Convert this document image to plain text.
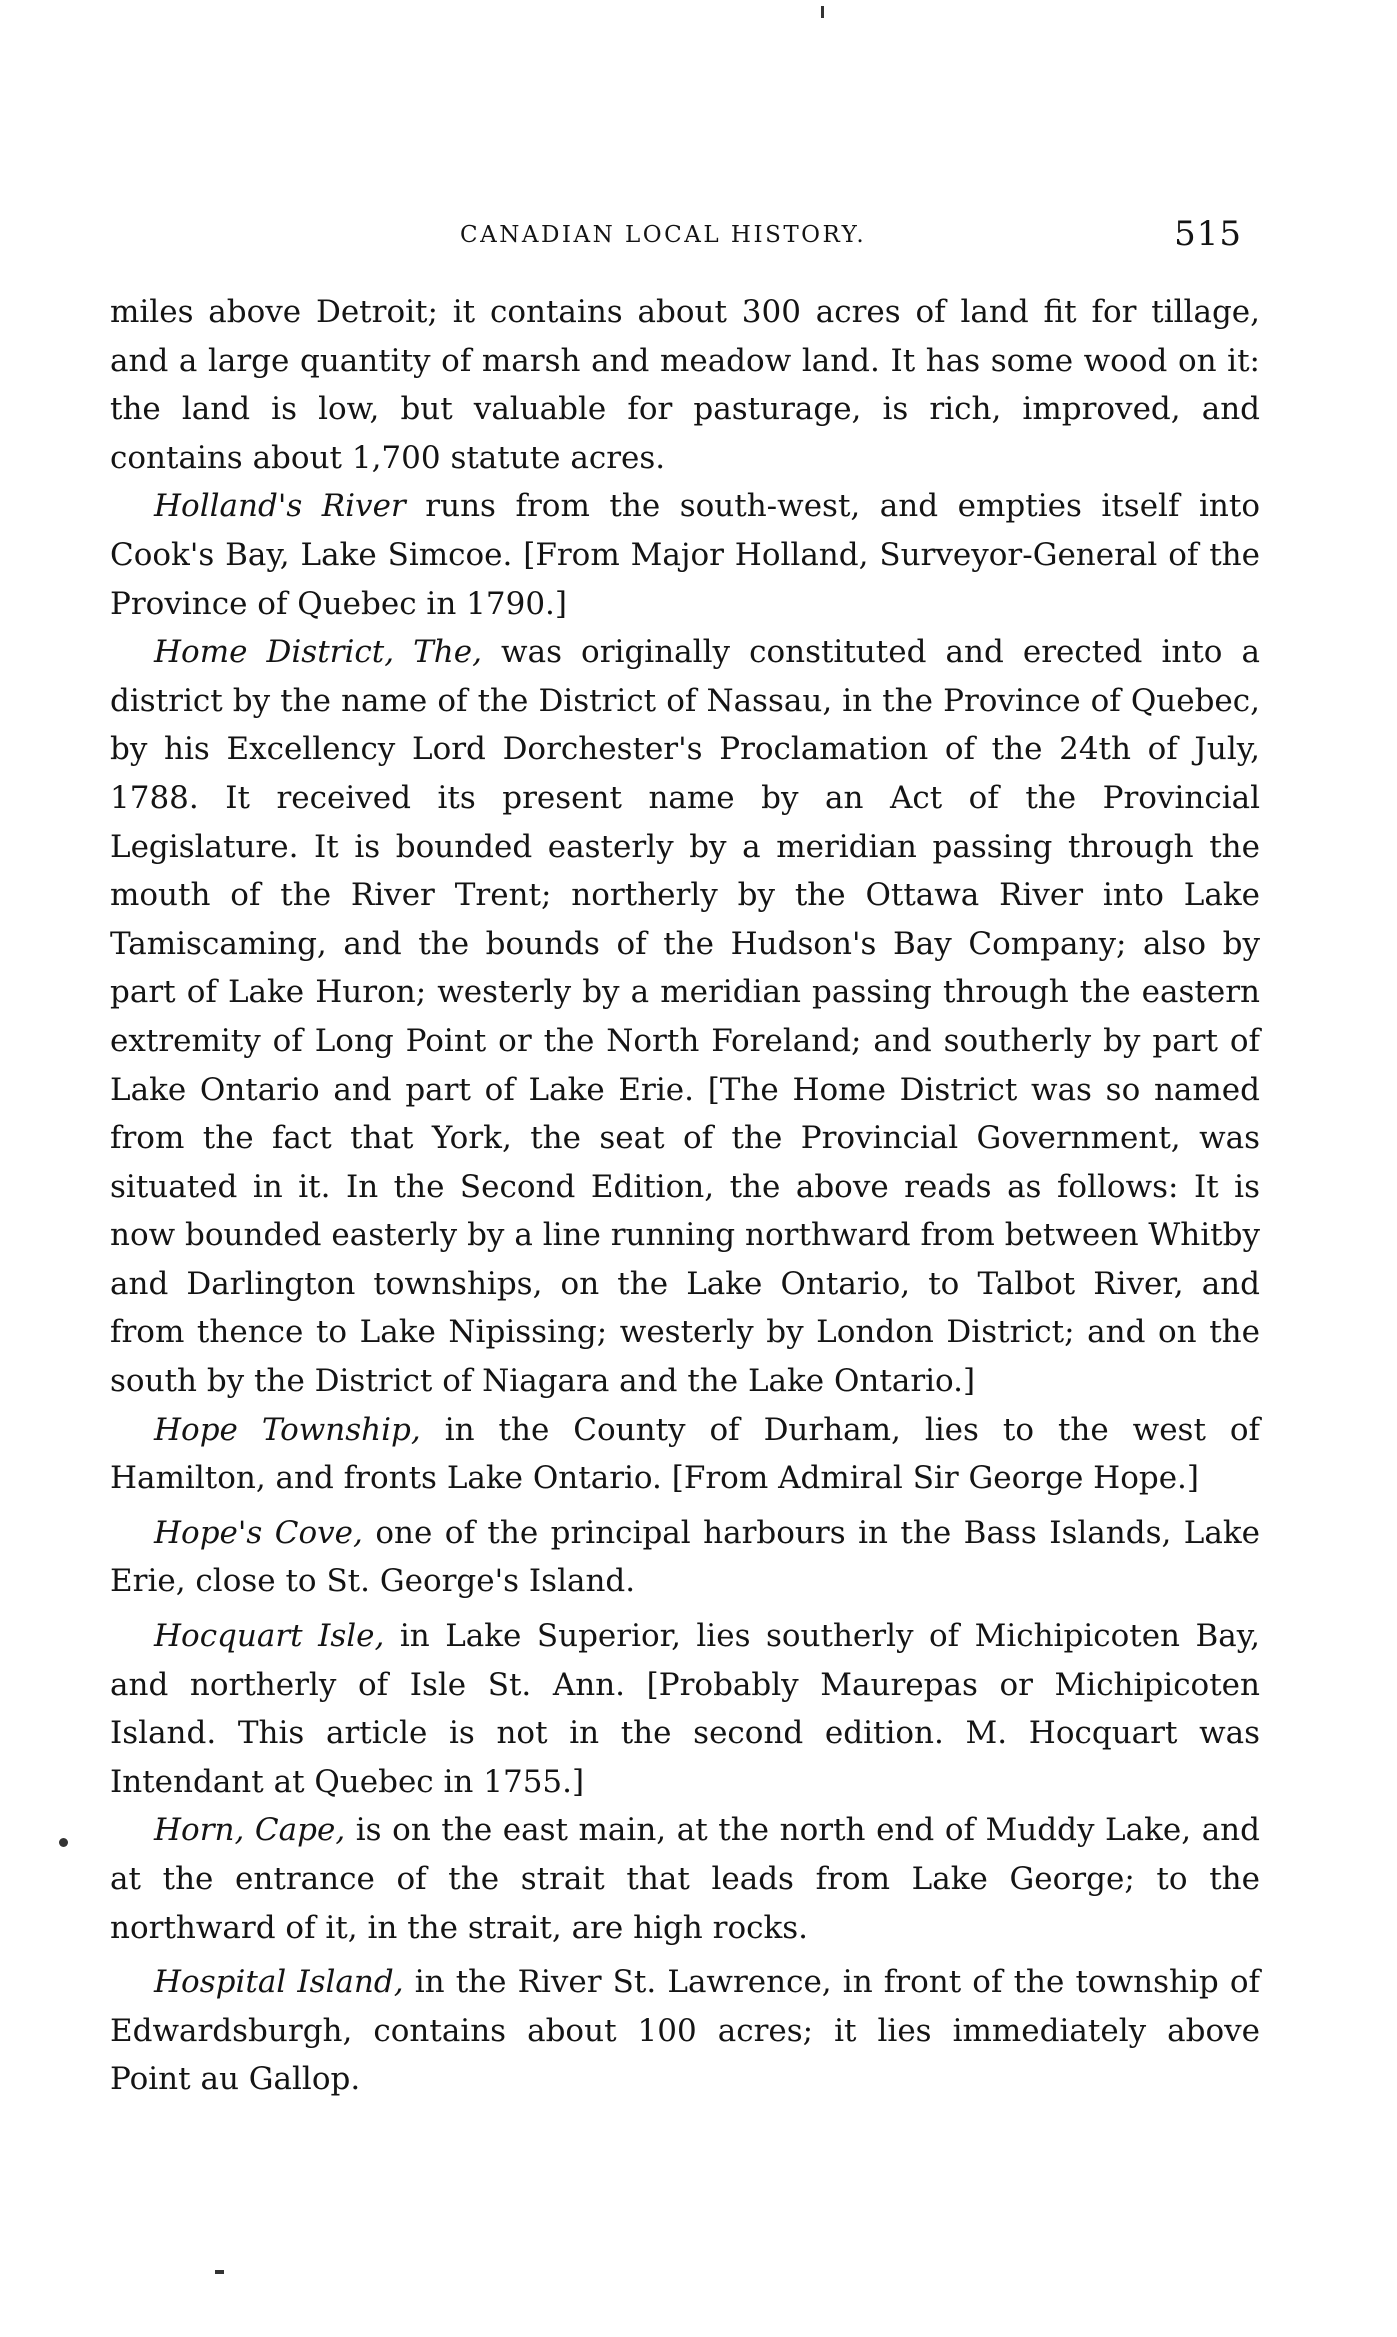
CANADIAN LOCAL HISTORY.	515

miles above Detroit; it contains about 300 acres of land fit for tillage, and a large quantity of marsh and meadow land. It has some wood on it: the land is low, but valuable for pasturage, is rich, improved, and contains about 1,700 statute acres.

Holland's River runs from the south-west, and empties itself into Cook's Bay, Lake Simcoe. [From Major Holland, Surveyor-General of the Province of Quebec in 1790.]

Home District, The, was originally constituted and erected into a district by the name of the District of Nassau, in the Province of Quebec, by his Excellency Lord Dorchester's Proclamation of the 24th of July, 1788. It received its present name by an Act of the Provincial Legislature. It is bounded easterly by a meridian passing through the mouth of the River Trent; northerly by the Ottawa River into Lake Tamiscaming, and the bounds of the Hudson's Bay Company; also by part of Lake Huron; westerly by a meridian passing through the eastern extremity of Long Point or the North Foreland; and southerly by part of Lake Ontario and part of Lake Erie. [The Home District was so named from the fact that York, the seat of the Provincial Government, was situated in it. In the Second Edition, the above reads as follows: It is now bounded easterly by a line running northward from between Whitby and Darlington townships, on the Lake Ontario, to Talbot River, and from thence to Lake Nipissing; westerly by London District; and on the south by the District of Niagara and the Lake Ontario.]

Hope Township, in the County of Durham, lies to the west of Hamilton, and fronts Lake Ontario. [From Admiral Sir George Hope.]

Hope's Cove, one of the principal harbours in the Bass Islands, Lake Erie, close to St. George's Island.

Hocquart Isle, in Lake Superior, lies southerly of Michipicoten Bay, and northerly of Isle St. Ann. [Probably Maurepas or Michipicoten Island. This article is not in the second edition. M. Hocquart was Intendant at Quebec in 1755.]

Horn, Cape, is on the east main, at the north end of Muddy Lake, and at the entrance of the strait that leads from Lake George; to the northward of it, in the strait, are high rocks.

Hospital Island, in the River St. Lawrence, in front of the township of Edwardsburgh, contains about 100 acres; it lies immediately above Point au Gallop.
